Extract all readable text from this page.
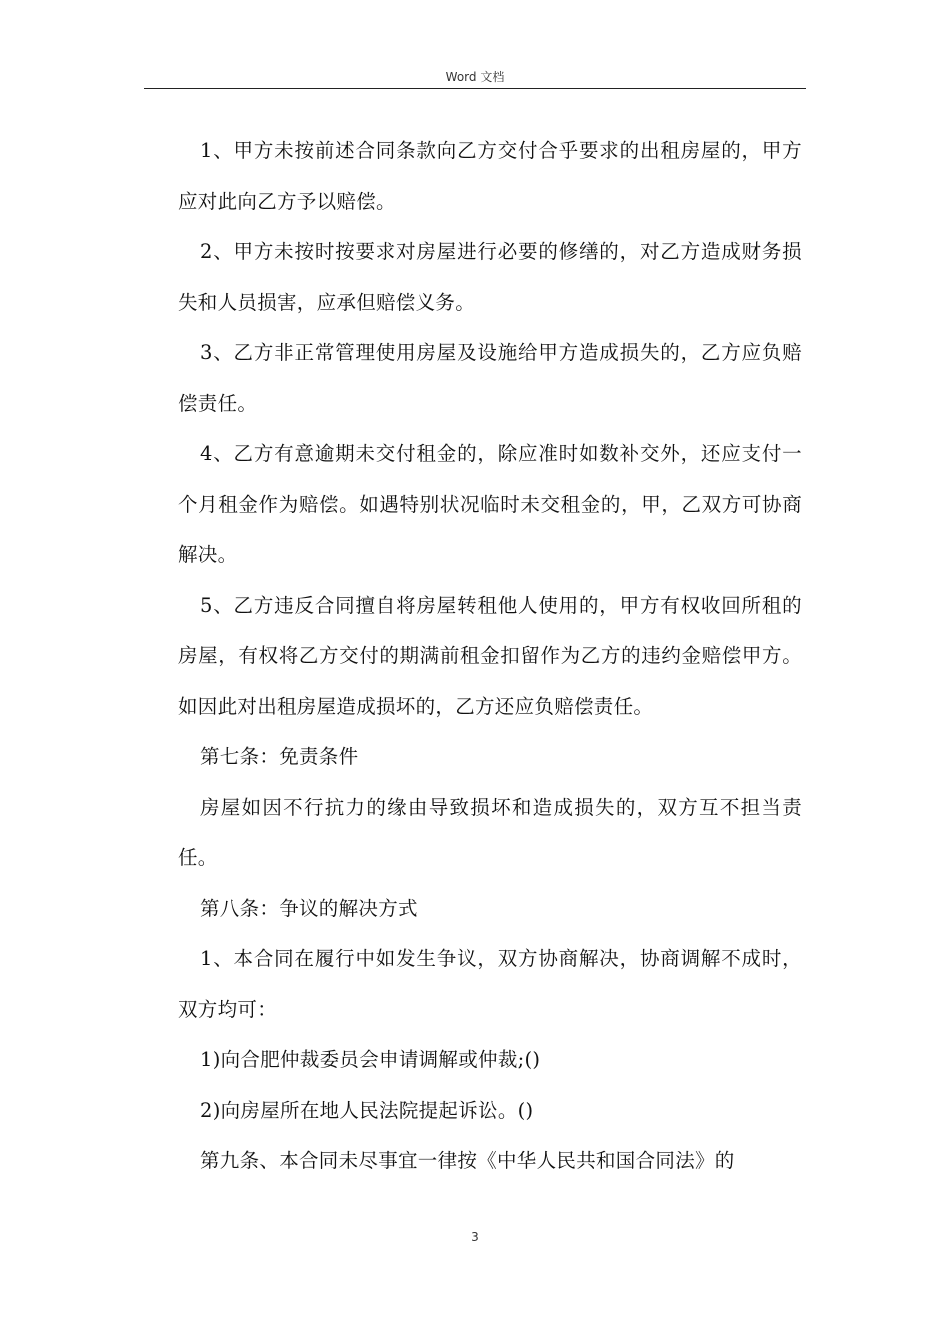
Word 文档

1、甲方未按前述合同条款向乙方交付合乎要求的出租房屋的，甲方应对此向乙方予以赔偿。

2、甲方未按时按要求对房屋进行必要的修缮的，对乙方造成财务损失和人员损害，应承但赔偿义务。

3、乙方非正常管理使用房屋及设施给甲方造成损失的，乙方应负赔偿责任。

4、乙方有意逾期未交付租金的，除应准时如数补交外，还应支付一个月租金作为赔偿。如遇特别状况临时未交租金的，甲，乙双方可协商解决。

5、乙方违反合同擅自将房屋转租他人使用的，甲方有权收回所租的房屋，有权将乙方交付的期满前租金扣留作为乙方的违约金赔偿甲方。如因此对出租房屋造成损坏的，乙方还应负赔偿责任。

第七条：免责条件

房屋如因不行抗力的缘由导致损坏和造成损失的，双方互不担当责任。

第八条：争议的解决方式

1、本合同在履行中如发生争议，双方协商解决，协商调解不成时，双方均可：

1)向合肥仲裁委员会申请调解或仲裁;()

2)向房屋所在地人民法院提起诉讼。()

第九条、本合同未尽事宜一律按《中华人民共和国合同法》的

3
